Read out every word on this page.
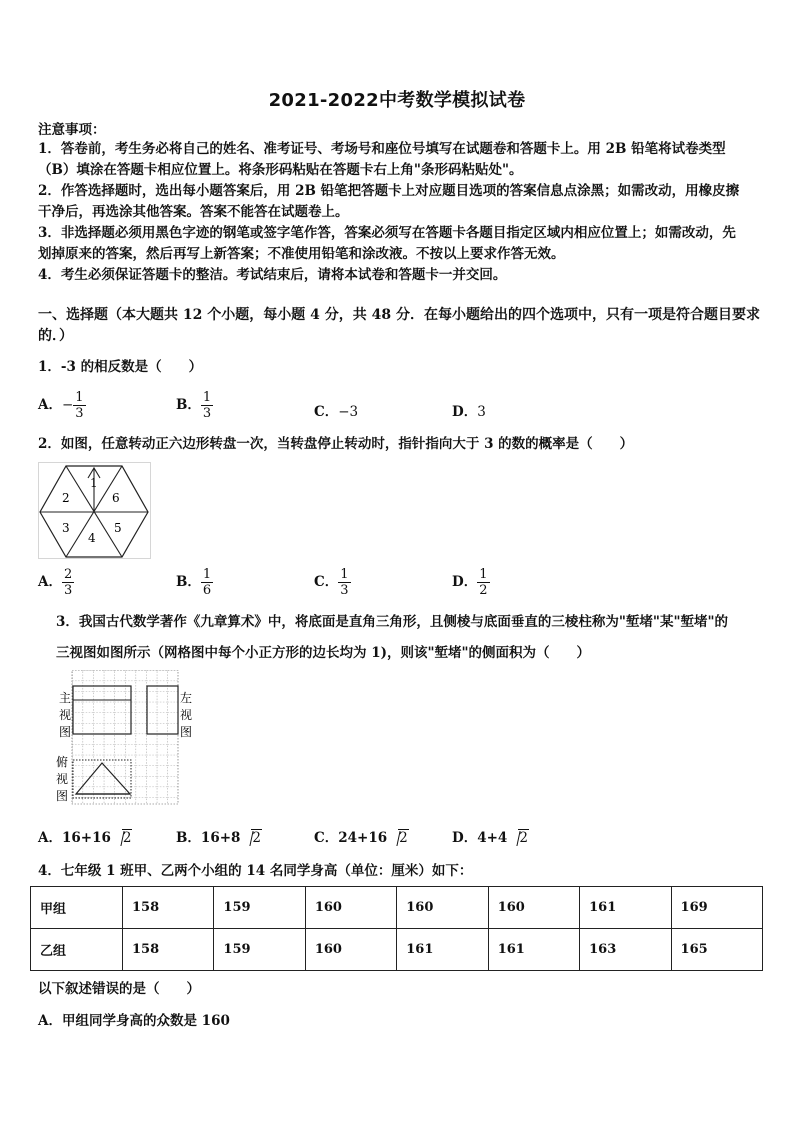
2021-2022中考数学模拟试卷
注意事项：
1．答卷前，考生务必将自己的姓名、准考证号、考场号和座位号填写在试题卷和答题卡上。用 2B 铅笔将试卷类型
（B）填涂在答题卡相应位置上。将条形码粘贴在答题卡右上角"条形码粘贴处"。
2．作答选择题时，选出每小题答案后，用 2B 铅笔把答题卡上对应题目选项的答案信息点涂黑；如需改动，用橡皮擦
干净后，再选涂其他答案。答案不能答在试题卷上。
3．非选择题必须用黑色字迹的钢笔或签字笔作答，答案必须写在答题卡各题目指定区域内相应位置上；如需改动，先
划掉原来的答案，然后再写上新答案；不准使用铅笔和涂改液。不按以上要求作答无效。
4．考生必须保证答题卡的整洁。考试结束后，请将本试卷和答题卡一并交回。
一、选择题（本大题共 12 个小题，每小题 4 分，共 48 分．在每小题给出的四个选项中，只有一项是符合题目要求
的．）
1．-3 的相反数是（　　）
A．− $\frac{1}{3}$	B． $\frac{1}{3}$	C．−3	D．3
2．如图，任意转动正六边形转盘一次，当转盘停止转动时，指针指向大于 3 的数的概率是（　　）
1
6
5
4
3
2
A． $\frac{2}{3}$	B． $\frac{1}{6}$	C． $\frac{1}{3}$	D． $\frac{1}{2}$
3．我国古代数学著作《九章算术》中，将底面是直角三角形，且侧棱与底面垂直的三棱柱称为"堑堵"某"堑堵"的
三视图如图所示（网格图中每个小正方形的边长均为 1)，则该"堑堵"的侧面积为（　　）
主
视
图
左
视
图
俯
视
图
A．16+16 2	B．16+8 2	C．24+16 2	D．4+4 2
4．七年级 1 班甲、乙两个小组的 14 名同学身高（单位：厘米）如下：
甲组	158	159	160	160	160	161	169
乙组	158	159	160	161	161	163	165
以下叙述错误的是（　　）
A．甲组同学身高的众数是 160
